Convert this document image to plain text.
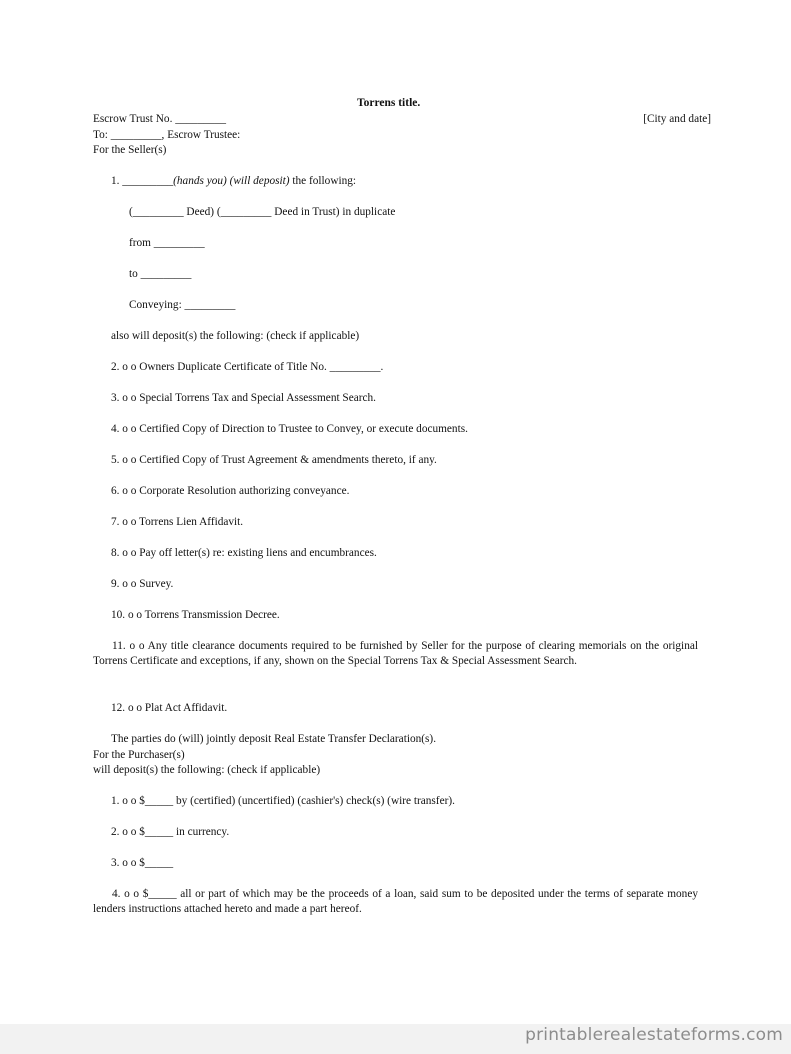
Torrens title.
Escrow Trust No. _________	[City and date]
To: _________, Escrow Trustee:
For the Seller(s)
1. _________(hands you) (will deposit) the following:
(_________ Deed) (_________ Deed in Trust) in duplicate
from _________
to _________
Conveying: _________
also will deposit(s) the following: (check if applicable)
2. o o Owners Duplicate Certificate of Title No. _________.
3. o o Special Torrens Tax and Special Assessment Search.
4. o o Certified Copy of Direction to Trustee to Convey, or execute documents.
5. o o Certified Copy of Trust Agreement & amendments thereto, if any.
6. o o Corporate Resolution authorizing conveyance.
7. o o Torrens Lien Affidavit.
8. o o Pay off letter(s) re: existing liens and encumbrances.
9. o o Survey.
10. o o Torrens Transmission Decree.
11. o o Any title clearance documents required to be furnished by Seller for the purpose of clearing memorials on the original Torrens Certificate and exceptions, if any, shown on the Special Torrens Tax & Special Assessment Search.
12. o o Plat Act Affidavit.
The parties do (will) jointly deposit Real Estate Transfer Declaration(s).
For the Purchaser(s)
will deposit(s) the following: (check if applicable)
1. o o $_____ by (certified) (uncertified) (cashier's) check(s) (wire transfer).
2. o o $_____ in currency.
3. o o $_____
4. o o $_____ all or part of which may be the proceeds of a loan, said sum to be deposited under the terms of separate money lenders instructions attached hereto and made a part hereof.
printablerealestateforms.com
